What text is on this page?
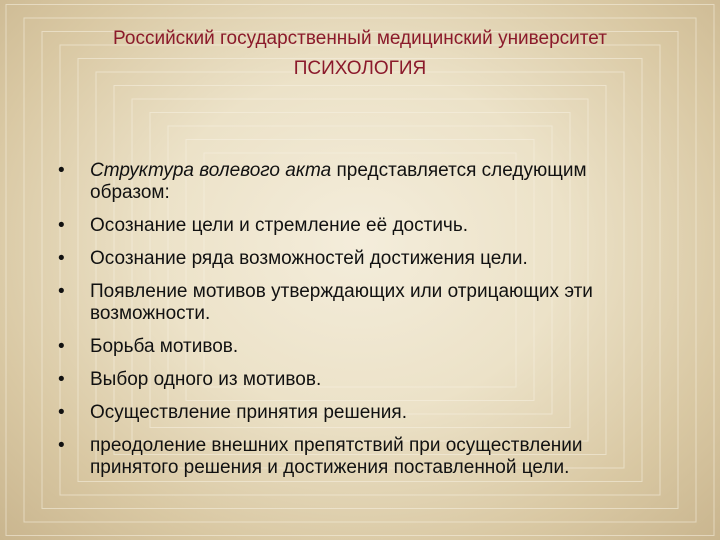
Российский государственный медицинский университет
ПСИХОЛОГИЯ
• Структура волевого акта представляется следующим образом:
• Осознание цели и стремление её достичь.
• Осознание ряда возможностей достижения цели.
• Появление мотивов утверждающих или отрицающих эти возможности.
• Борьба мотивов.
• Выбор одного из мотивов.
• Осуществление принятия решения.
• преодоление внешних препятствий при осуществлении принятого решения и достижения поставленной цели.
